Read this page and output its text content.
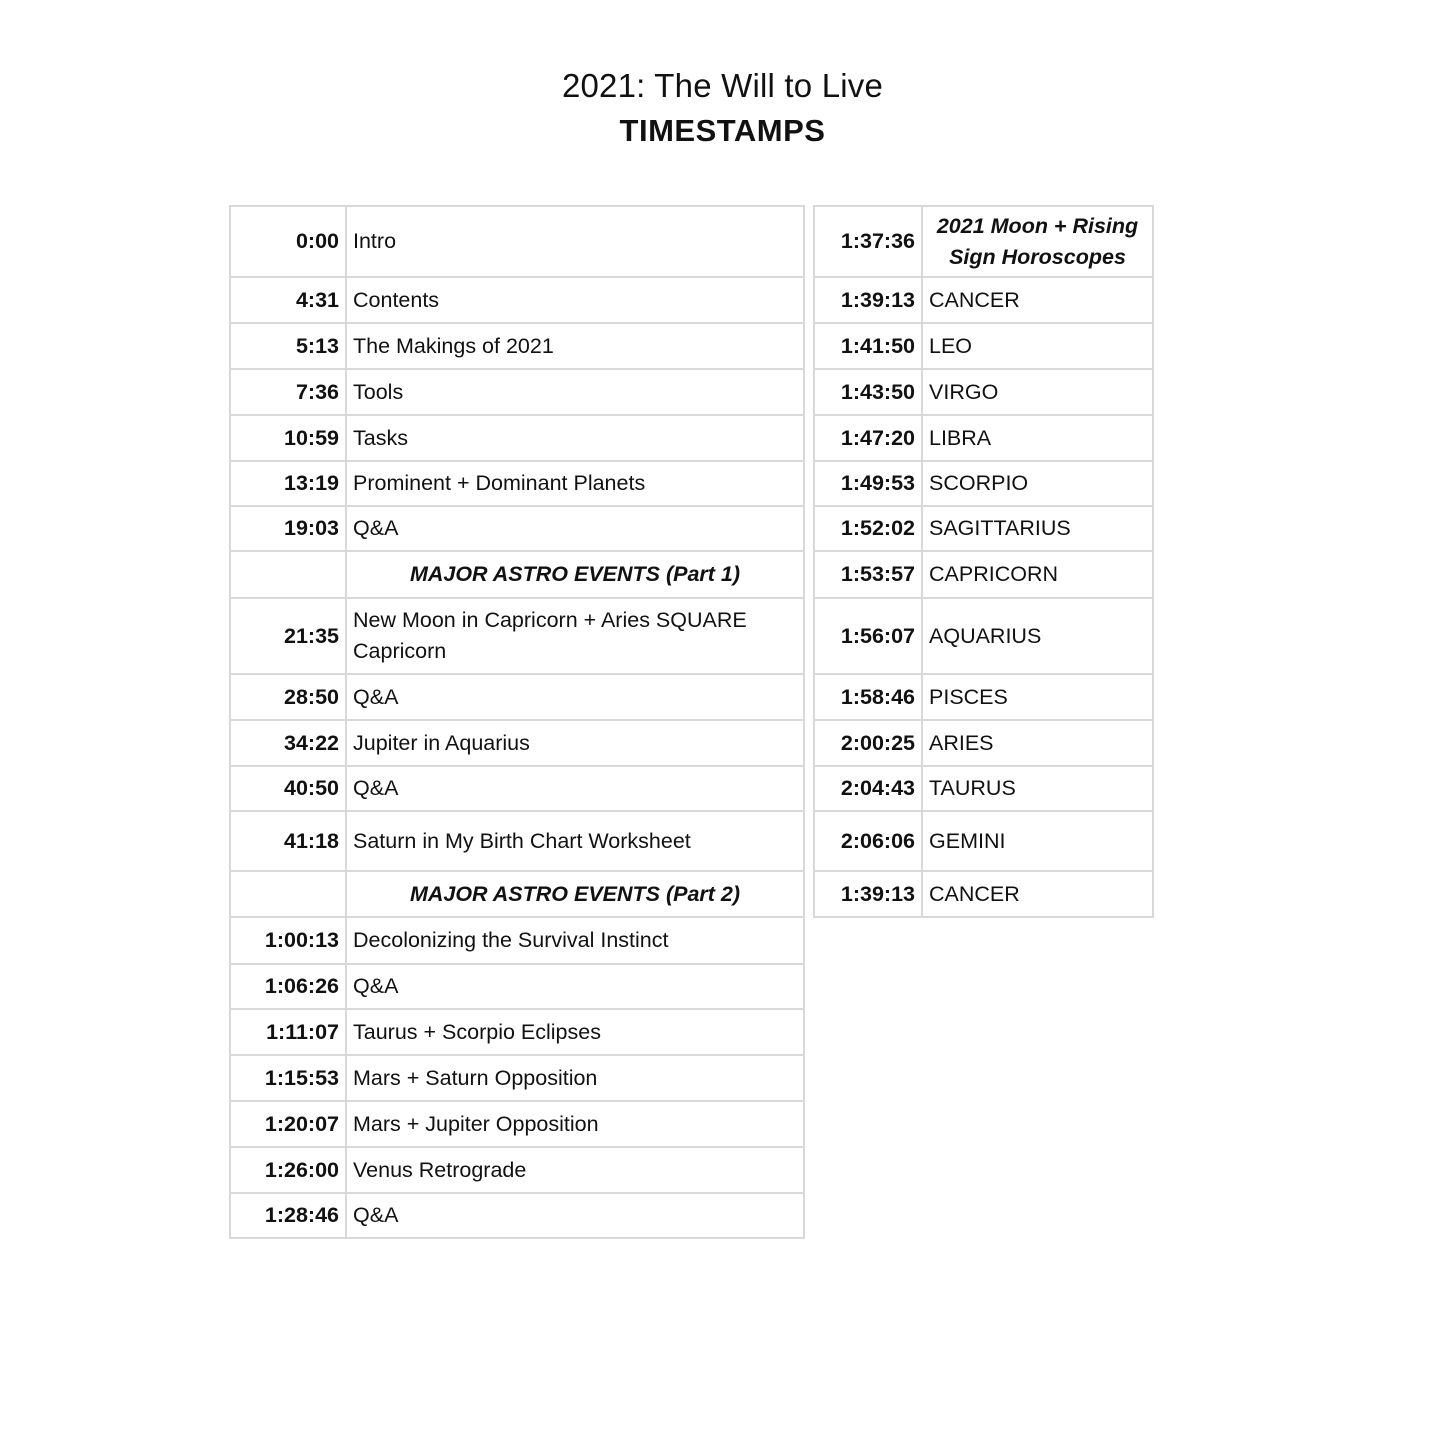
2021: The Will to Live
TIMESTAMPS
0:00	Intro
4:31	Contents
5:13	The Makings of 2021
7:36	Tools
10:59	Tasks
13:19	Prominent + Dominant Planets
19:03	Q&A
	MAJOR ASTRO EVENTS (Part 1)
21:35	New Moon in Capricorn + Aries SQUARE Capricorn
28:50	Q&A
34:22	Jupiter in Aquarius
40:50	Q&A
41:18	Saturn in My Birth Chart Worksheet
	MAJOR ASTRO EVENTS (Part 2)
1:00:13	Decolonizing the Survival Instinct
1:06:26	Q&A
1:11:07	Taurus + Scorpio Eclipses
1:15:53	Mars + Saturn Opposition
1:20:07	Mars + Jupiter Opposition
1:26:00	Venus Retrograde
1:28:46	Q&A
1:37:36	2021 Moon + Rising Sign Horoscopes
1:39:13	CANCER
1:41:50	LEO
1:43:50	VIRGO
1:47:20	LIBRA
1:49:53	SCORPIO
1:52:02	SAGITTARIUS
1:53:57	CAPRICORN
1:56:07	AQUARIUS
1:58:46	PISCES
2:00:25	ARIES
2:04:43	TAURUS
2:06:06	GEMINI
1:39:13	CANCER
